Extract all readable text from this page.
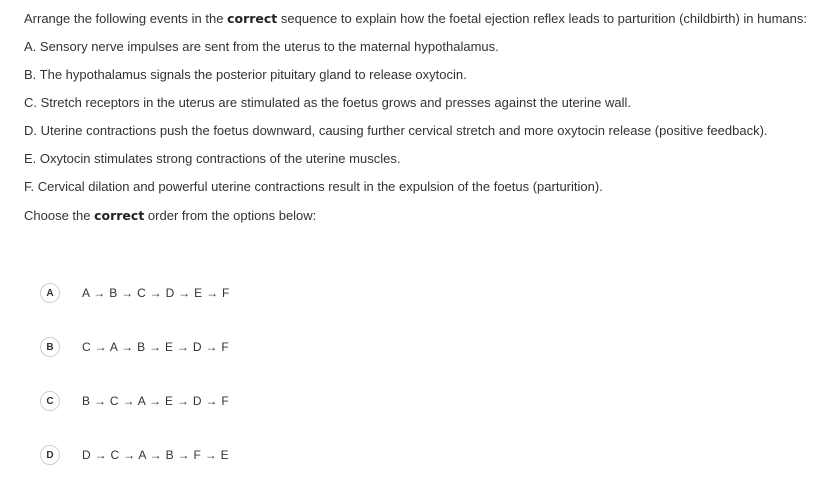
Arrange the following events in the correct sequence to explain how the foetal ejection reflex leads to parturition (childbirth) in humans:
A. Sensory nerve impulses are sent from the uterus to the maternal hypothalamus.
B. The hypothalamus signals the posterior pituitary gland to release oxytocin.
C. Stretch receptors in the uterus are stimulated as the foetus grows and presses against the uterine wall.
D. Uterine contractions push the foetus downward, causing further cervical stretch and more oxytocin release (positive feedback).
E. Oxytocin stimulates strong contractions of the uterine muscles.
F. Cervical dilation and powerful uterine contractions result in the expulsion of the foetus (parturition).
Choose the correct order from the options below:
A	A → B → C → D → E → F
B	C → A → B → E → D → F
C	B → C → A → E → D → F
D	D → C → A → B → F → E
